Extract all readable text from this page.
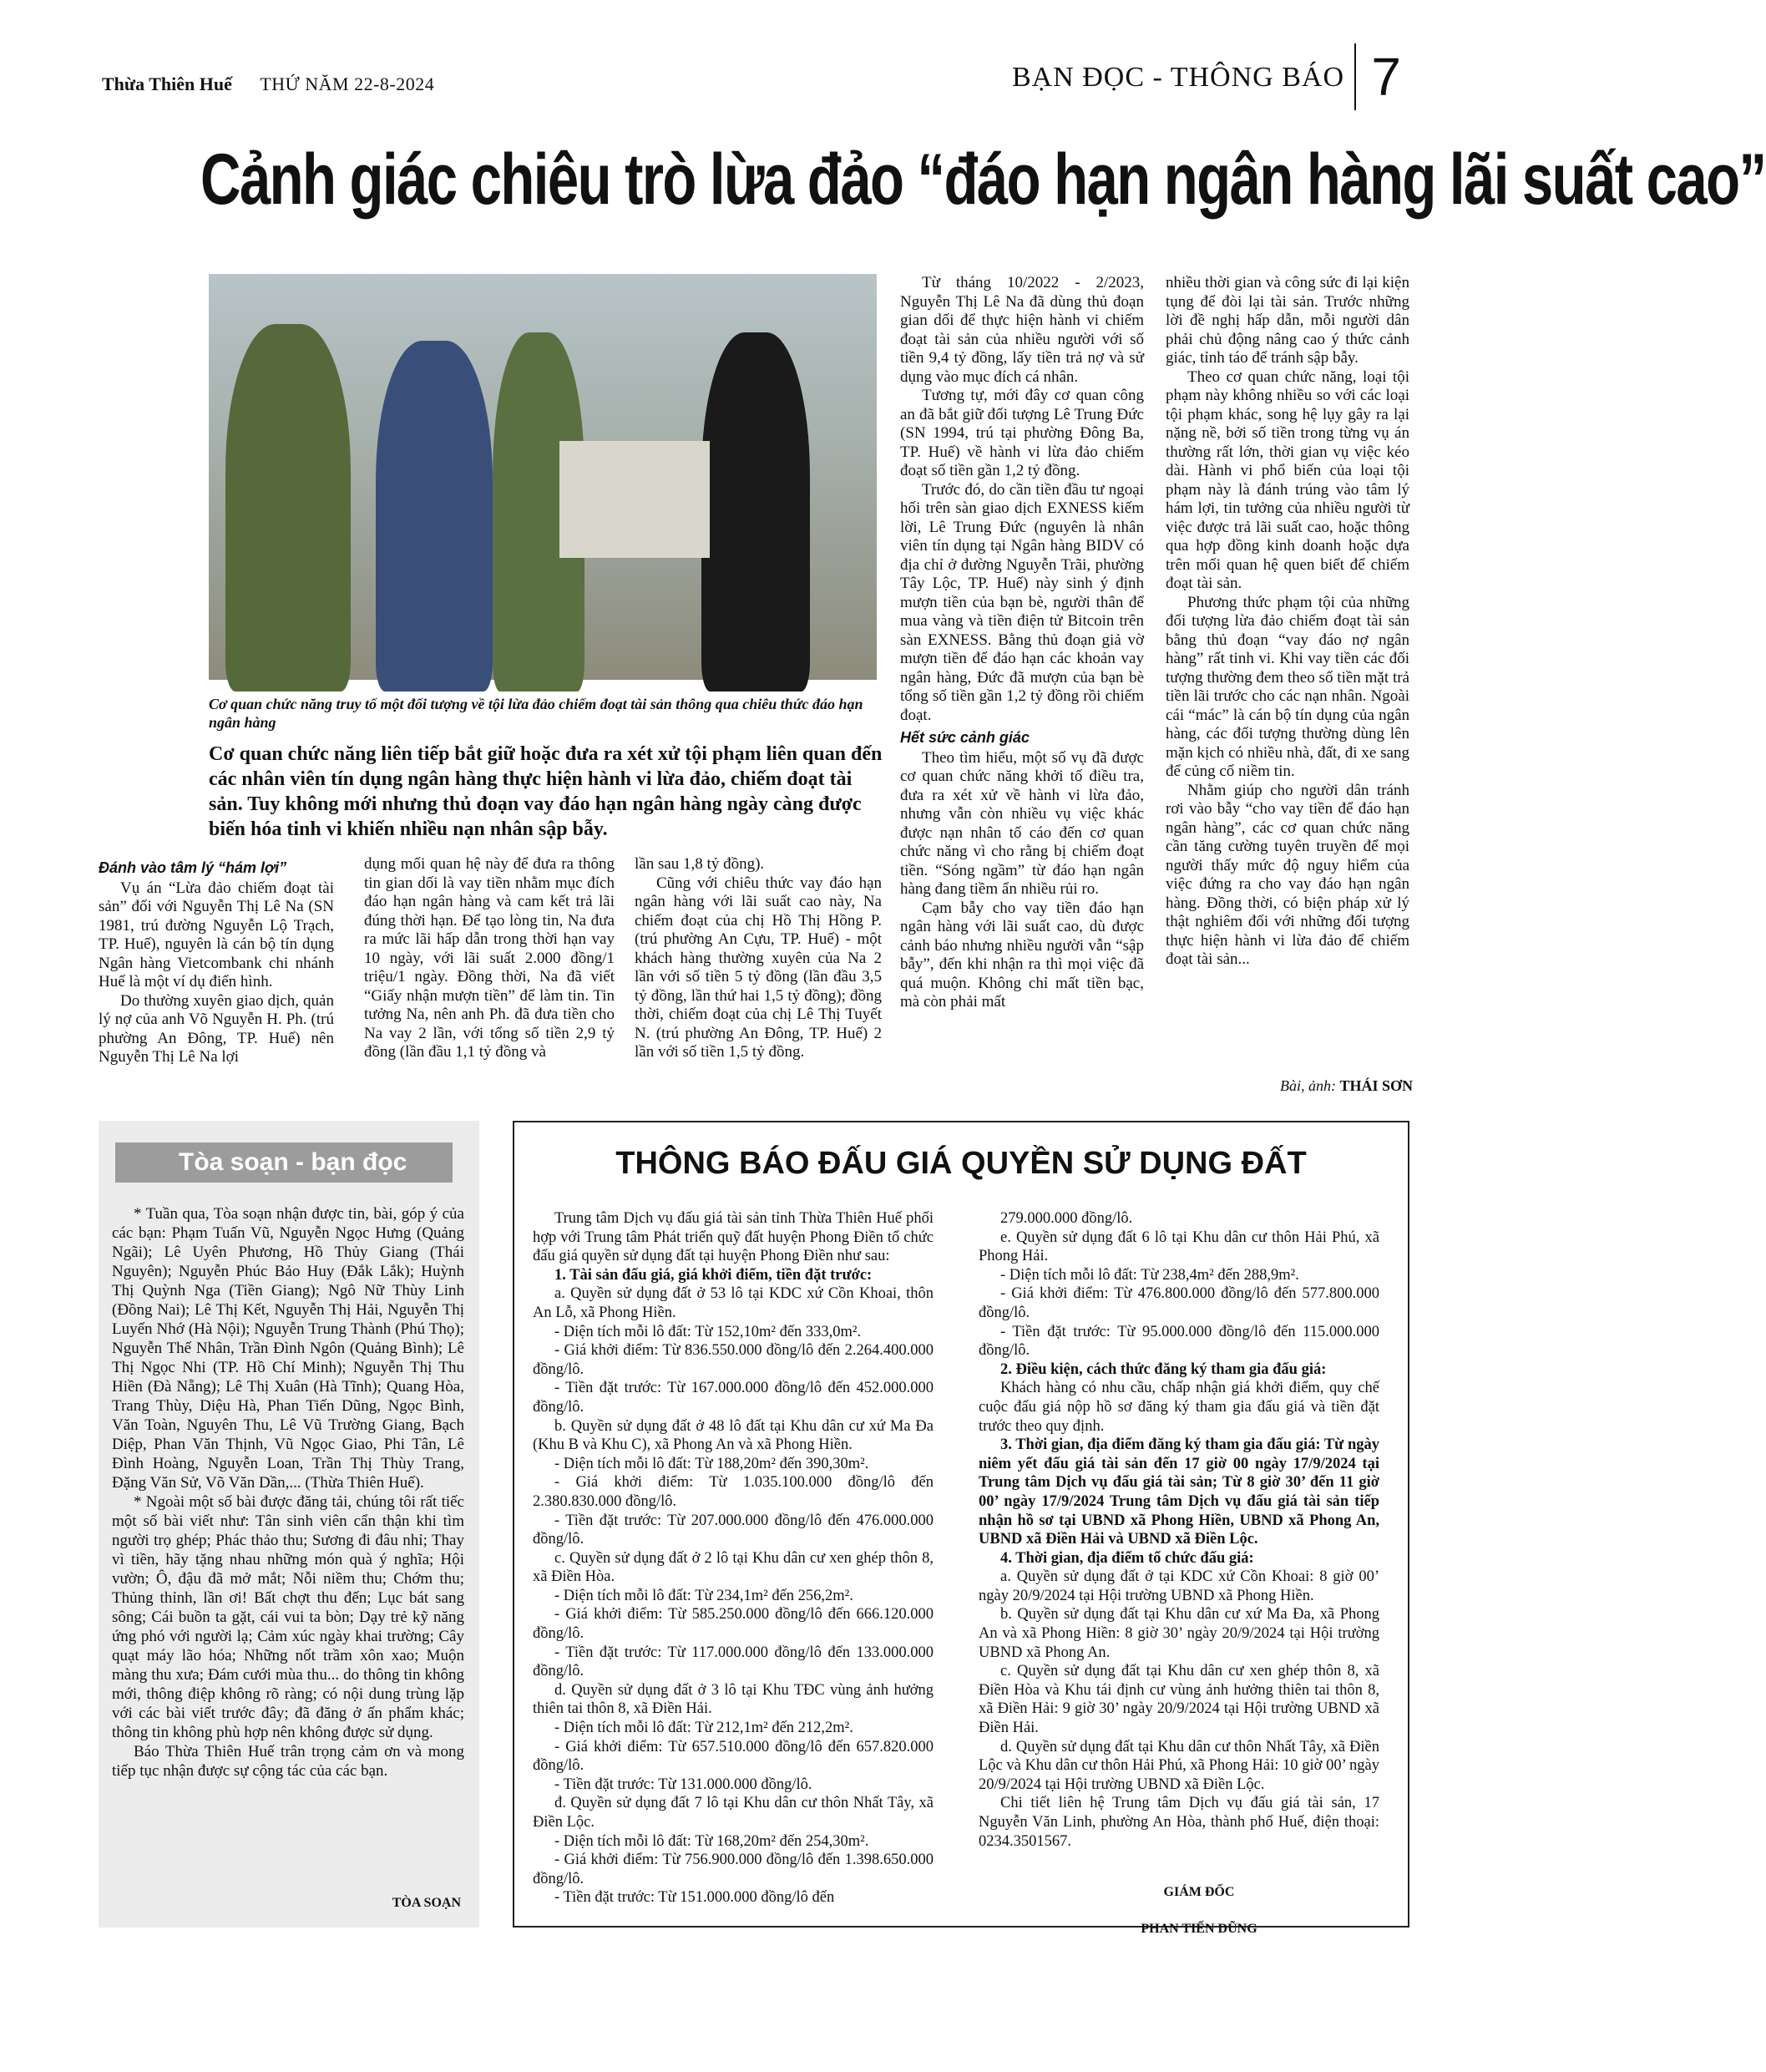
Thừa Thiên Huế THỨ NĂM 22-8-2024	BẠN ĐỌC - THÔNG BÁO 7
Cảnh giác chiêu trò lừa đảo “đáo hạn ngân hàng lãi suất cao”
Cơ quan chức năng truy tố một đối tượng về tội lừa đảo chiếm đoạt tài sản thông qua chiêu thức đáo hạn ngân hàng
Cơ quan chức năng liên tiếp bắt giữ hoặc đưa ra xét xử tội phạm liên quan đến các nhân viên tín dụng ngân hàng thực hiện hành vi lừa đảo, chiếm đoạt tài sản. Tuy không mới nhưng thủ đoạn vay đáo hạn ngân hàng ngày càng được biến hóa tinh vi khiến nhiều nạn nhân sập bẫy.
Đánh vào tâm lý “hám lợi”

Vụ án “Lừa đảo chiếm đoạt tài sản” đối với Nguyễn Thị Lê Na (SN 1981, trú đường Nguyễn Lộ Trạch, TP. Huế), nguyên là cán bộ tín dụng Ngân hàng Vietcombank chi nhánh Huế là một ví dụ điển hình.

Do thường xuyên giao dịch, quản lý nợ của anh Võ Nguyễn H. Ph. (trú phường An Đông, TP. Huế) nên Nguyễn Thị Lê Na lợi

dụng mối quan hệ này để đưa ra thông tin gian dối là vay tiền nhằm mục đích đáo hạn ngân hàng và cam kết trả lãi đúng thời hạn. Để tạo lòng tin, Na đưa ra mức lãi hấp dẫn trong thời hạn vay 10 ngày, với lãi suất 2.000 đồng/1 triệu/1 ngày. Đồng thời, Na đã viết “Giấy nhận mượn tiền” để làm tin. Tin tưởng Na, nên anh Ph. đã đưa tiền cho Na vay 2 lần, với tổng số tiền 2,9 tỷ đồng (lần đầu 1,1 tỷ đồng và

lần sau 1,8 tỷ đồng).

Cũng với chiêu thức vay đáo hạn ngân hàng với lãi suất cao này, Na chiếm đoạt của chị Hồ Thị Hồng P. (trú phường An Cựu, TP. Huế) - một khách hàng thường xuyên của Na 2 lần với số tiền 5 tỷ đồng (lần đầu 3,5 tỷ đồng, lần thứ hai 1,5 tỷ đồng); đồng thời, chiếm đoạt của chị Lê Thị Tuyết N. (trú phường An Đông, TP. Huế) 2 lần với số tiền 1,5 tỷ đồng.

Từ tháng 10/2022 - 2/2023, Nguyễn Thị Lê Na đã dùng thủ đoạn gian dối để thực hiện hành vi chiếm đoạt tài sản của nhiều người với số tiền 9,4 tỷ đồng, lấy tiền trả nợ và sử dụng vào mục đích cá nhân.

Tương tự, mới đây cơ quan công an đã bắt giữ đối tượng Lê Trung Đức (SN 1994, trú tại phường Đông Ba, TP. Huế) về hành vi lừa đảo chiếm đoạt số tiền gần 1,2 tỷ đồng.

Trước đó, do cần tiền đầu tư ngoại hối trên sàn giao dịch EXNESS kiếm lời, Lê Trung Đức (nguyên là nhân viên tín dụng tại Ngân hàng BIDV có địa chỉ ở đường Nguyễn Trãi, phường Tây Lộc, TP. Huế) này sinh ý định mượn tiền của bạn bè, người thân để mua vàng và tiền điện tử Bitcoin trên sàn EXNESS. Bằng thủ đoạn giả vờ mượn tiền để đáo hạn các khoản vay ngân hàng, Đức đã mượn của bạn bè tổng số tiền gần 1,2 tỷ đồng rồi chiếm đoạt.

Hết sức cảnh giác

Theo tìm hiểu, một số vụ đã được cơ quan chức năng khởi tố điều tra, đưa ra xét xử về hành vi lừa đảo, nhưng vẫn còn nhiều vụ việc khác được nạn nhân tố cáo đến cơ quan chức năng vì cho rằng bị chiếm đoạt tiền. “Sóng ngầm” từ đáo hạn ngân hàng đang tiềm ẩn nhiều rủi ro.

Cạm bẫy cho vay tiền đáo hạn ngân hàng với lãi suất cao, dù được cảnh báo nhưng nhiều người vẫn “sập bẫy”, đến khi nhận ra thì mọi việc đã quá muộn. Không chỉ mất tiền bạc, mà còn phải mất

nhiều thời gian và công sức đi lại kiện tụng để đòi lại tài sản. Trước những lời đề nghị hấp dẫn, mỗi người dân phải chủ động nâng cao ý thức cảnh giác, tỉnh táo để tránh sập bẫy.

Theo cơ quan chức năng, loại tội phạm này không nhiều so với các loại tội phạm khác, song hệ lụy gây ra lại nặng nề, bởi số tiền trong từng vụ án thường rất lớn, thời gian vụ việc kéo dài. Hành vi phổ biến của loại tội phạm này là đánh trúng vào tâm lý hám lợi, tin tưởng của nhiều người từ việc được trả lãi suất cao, hoặc thông qua hợp đồng kinh doanh hoặc dựa trên mối quan hệ quen biết để chiếm đoạt tài sản.

Phương thức phạm tội của những đối tượng lừa đảo chiếm đoạt tài sản bằng thủ đoạn “vay đáo nợ ngân hàng” rất tinh vi. Khi vay tiền các đối tượng thường đem theo số tiền mặt trả tiền lãi trước cho các nạn nhân. Ngoài cái “mác” là cán bộ tín dụng của ngân hàng, các đối tượng thường dùng lên mặn kịch có nhiều nhà, đất, đi xe sang để củng cố niềm tin.

Nhằm giúp cho người dân tránh rơi vào bẫy “cho vay tiền để đáo hạn ngân hàng”, các cơ quan chức năng cần tăng cường tuyên truyền để mọi người thấy mức độ nguy hiểm của việc đứng ra cho vay đáo hạn ngân hàng. Đồng thời, có biện pháp xử lý thật nghiêm đối với những đối tượng thực hiện hành vi lừa đảo để chiếm đoạt tài sản...

Bài, ảnh: THÁI SƠN
Tòa soạn - bạn đọc

* Tuần qua, Tòa soạn nhận được tin, bài, góp ý của các bạn: Phạm Tuấn Vũ, Nguyễn Ngọc Hưng (Quảng Ngãi); Lê Uyên Phương, Hồ Thủy Giang (Thái Nguyên); Nguyễn Phúc Bảo Huy (Đắk Lắk); Huỳnh Thị Quỳnh Nga (Tiền Giang); Ngô Nữ Thùy Linh (Đồng Nai); Lê Thị Kết, Nguyễn Thị Hải, Nguyễn Thị Luyến Nhớ (Hà Nội); Nguyễn Trung Thành (Phú Thọ); Nguyễn Thế Nhân, Trần Đình Ngôn (Quảng Bình); Lê Thị Ngọc Nhi (TP. Hồ Chí Minh); Nguyễn Thị Thu Hiền (Đà Nẵng); Lê Thị Xuân (Hà Tĩnh); Quang Hòa, Trang Thùy, Diệu Hà, Phan Tiến Dũng, Ngọc Bình, Văn Toàn, Nguyên Thu, Lê Vũ Trường Giang, Bạch Diệp, Phan Văn Thịnh, Vũ Ngọc Giao, Phi Tân, Lê Đình Hoàng, Nguyễn Loan, Trần Thị Thùy Trang, Đặng Văn Sử, Võ Văn Dần,... (Thừa Thiên Huế).

* Ngoài một số bài được đăng tải, chúng tôi rất tiếc một số bài viết như: Tân sinh viên cẩn thận khi tìm người trọ ghép; Phác thảo thu; Sương đi đâu nhỉ; Thay vì tiền, hãy tặng nhau những món quà ý nghĩa; Hội vườn; Ô, đậu đã mở mắt; Nỗi niềm thu; Chớm thu; Thủng thỉnh, lần ơi! Bất chợt thu đến; Lục bát sang sông; Cái buồn ta gặt, cái vui ta bòn; Dạy trẻ kỹ năng ứng phó với người lạ; Cảm xúc ngày khai trường; Cây quạt máy lão hóa; Những nốt trầm xôn xao; Muộn màng thu xưa; Đám cưới mùa thu... do thông tin không mới, thông điệp không rõ ràng; có nội dung trùng lặp với các bài viết trước đây; đã đăng ở ấn phẩm khác; thông tin không phù hợp nên không được sử dụng.

Báo Thừa Thiên Huế trân trọng cảm ơn và mong tiếp tục nhận được sự cộng tác của các bạn.

TÒA SOẠN
THÔNG BÁO ĐẤU GIÁ QUYỀN SỬ DỤNG ĐẤT

Trung tâm Dịch vụ đấu giá tài sản tỉnh Thừa Thiên Huế phối hợp với Trung tâm Phát triển quỹ đất huyện Phong Điền tổ chức đấu giá quyền sử dụng đất tại huyện Phong Điền như sau:

1. Tài sản đấu giá, giá khởi điểm, tiền đặt trước:

a. Quyền sử dụng đất ở 53 lô tại KDC xứ Cồn Khoai, thôn An Lỗ, xã Phong Hiền.

- Diện tích mỗi lô đất: Từ 152,10m² đến 333,0m².

- Giá khởi điểm: Từ 836.550.000 đồng/lô đến 2.264.400.000 đồng/lô.

- Tiền đặt trước: Từ 167.000.000 đồng/lô đến 452.000.000 đồng/lô.

b. Quyền sử dụng đất ở 48 lô đất tại Khu dân cư xứ Ma Đa (Khu B và Khu C), xã Phong An và xã Phong Hiền.

- Diện tích mỗi lô đất: Từ 188,20m² đến 390,30m².

- Giá khởi điểm: Từ 1.035.100.000 đồng/lô đến 2.380.830.000 đồng/lô.

- Tiền đặt trước: Từ 207.000.000 đồng/lô đến 476.000.000 đồng/lô.

c. Quyền sử dụng đất ở 2 lô tại Khu dân cư xen ghép thôn 8, xã Điền Hòa.

- Diện tích mỗi lô đất: Từ 234,1m² đến 256,2m².

- Giá khởi điểm: Từ 585.250.000 đồng/lô đến 666.120.000 đồng/lô.

- Tiền đặt trước: Từ 117.000.000 đồng/lô đến 133.000.000 đồng/lô.

d. Quyền sử dụng đất ở 3 lô tại Khu TĐC vùng ảnh hưởng thiên tai thôn 8, xã Điền Hải.

- Diện tích mỗi lô đất: Từ 212,1m² đến 212,2m².

- Giá khởi điểm: Từ 657.510.000 đồng/lô đến 657.820.000 đồng/lô.

- Tiền đặt trước: Từ 131.000.000 đồng/lô.

đ. Quyền sử dụng đất 7 lô tại Khu dân cư thôn Nhất Tây, xã Điền Lộc.

- Diện tích mỗi lô đất: Từ 168,20m² đến 254,30m².

- Giá khởi điểm: Từ 756.900.000 đồng/lô đến 1.398.650.000 đồng/lô.

- Tiền đặt trước: Từ 151.000.000 đồng/lô đến

279.000.000 đồng/lô.

e. Quyền sử dụng đất 6 lô tại Khu dân cư thôn Hải Phú, xã Phong Hải.

- Diện tích mỗi lô đất: Từ 238,4m² đến 288,9m².

- Giá khởi điểm: Từ 476.800.000 đồng/lô đến 577.800.000 đồng/lô.

- Tiền đặt trước: Từ 95.000.000 đồng/lô đến 115.000.000 đồng/lô.

2. Điều kiện, cách thức đăng ký tham gia đấu giá:

Khách hàng có nhu cầu, chấp nhận giá khởi điểm, quy chế cuộc đấu giá nộp hồ sơ đăng ký tham gia đấu giá và tiền đặt trước theo quy định.

3. Thời gian, địa điểm đăng ký tham gia đấu giá: Từ ngày niêm yết đấu giá tài sản đến 17 giờ 00 ngày 17/9/2024 tại Trung tâm Dịch vụ đấu giá tài sản; Từ 8 giờ 30’ đến 11 giờ 00’ ngày 17/9/2024 Trung tâm Dịch vụ đấu giá tài sản tiếp nhận hồ sơ tại UBND xã Phong Hiền, UBND xã Phong An, UBND xã Điền Hải và UBND xã Điền Lộc.

4. Thời gian, địa điểm tổ chức đấu giá:

a. Quyền sử dụng đất ở tại KDC xứ Cồn Khoai: 8 giờ 00’ ngày 20/9/2024 tại Hội trường UBND xã Phong Hiền.

b. Quyền sử dụng đất tại Khu dân cư xứ Ma Đa, xã Phong An và xã Phong Hiền: 8 giờ 30’ ngày 20/9/2024 tại Hội trường UBND xã Phong An.

c. Quyền sử dụng đất tại Khu dân cư xen ghép thôn 8, xã Điền Hòa và Khu tái định cư vùng ảnh hưởng thiên tai thôn 8, xã Điền Hải: 9 giờ 30’ ngày 20/9/2024 tại Hội trường UBND xã Điền Hải.

d. Quyền sử dụng đất tại Khu dân cư thôn Nhất Tây, xã Điền Lộc và Khu dân cư thôn Hải Phú, xã Phong Hải: 10 giờ 00’ ngày 20/9/2024 tại Hội trường UBND xã Điền Lộc.

Chi tiết liên hệ Trung tâm Dịch vụ đấu giá tài sản, 17 Nguyễn Văn Linh, phường An Hòa, thành phố Huế, điện thoại: 0234.3501567.

GIÁM ĐỐC
PHAN TIẾN DŨNG
